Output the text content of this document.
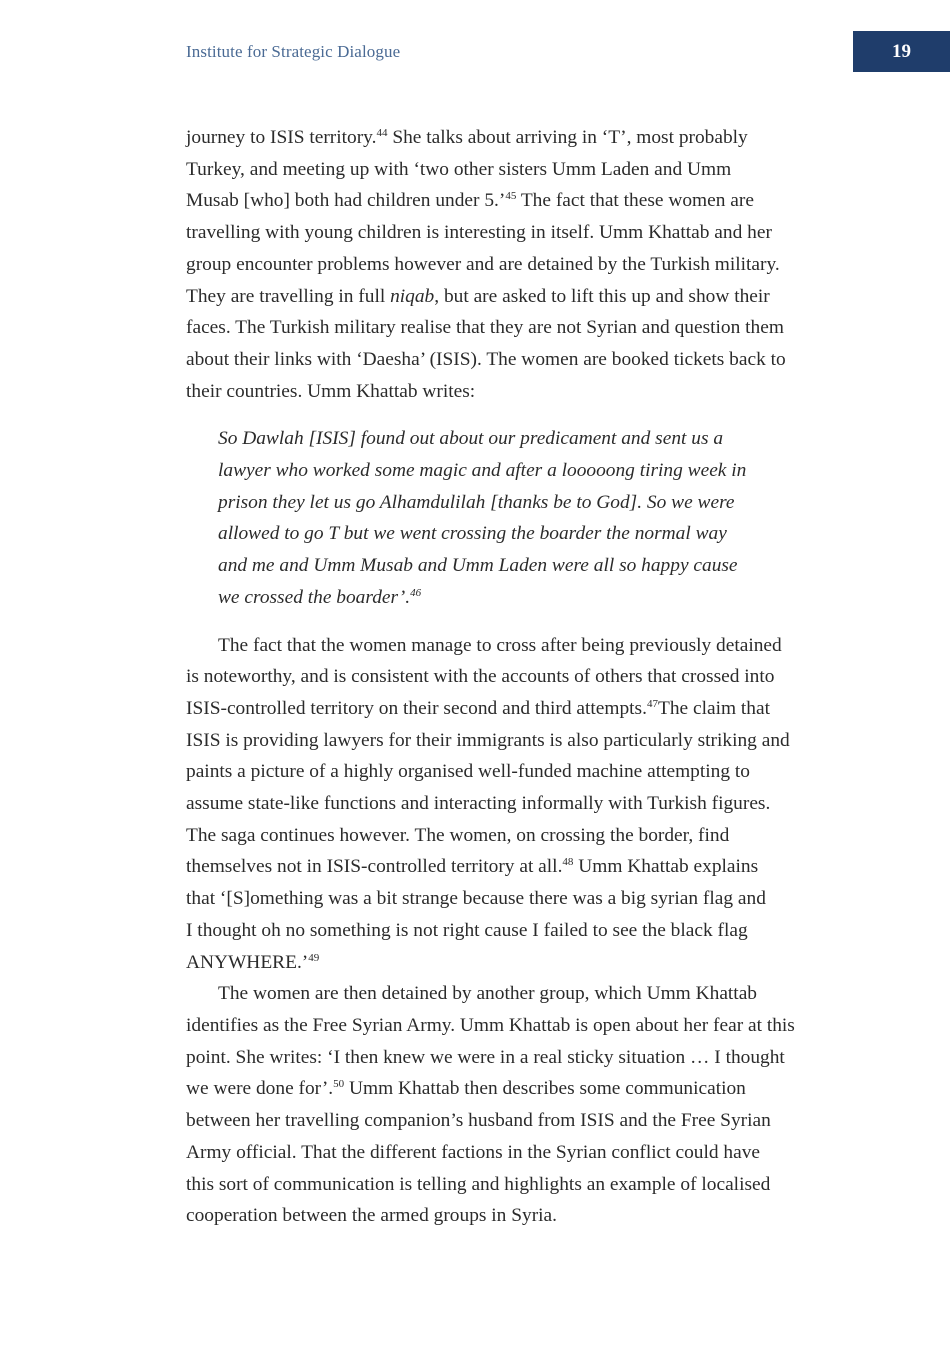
Institute for Strategic Dialogue	19

journey to ISIS territory.$^{44}$ She talks about arriving in ‘T’, most probably
Turkey, and meeting up with ‘two other sisters Umm Laden and Umm
Musab [who] both had children under 5.’$^{45}$ The fact that these women are
travelling with young children is interesting in itself. Umm Khattab and her
group encounter problems however and are detained by the Turkish military.
They are travelling in full niqab, but are asked to lift this up and show their
faces. The Turkish military realise that they are not Syrian and question them
about their links with ‘Daesha’ (ISIS). The women are booked tickets back to
their countries. Umm Khattab writes:

So Dawlah [ISIS] found out about our predicament and sent us a
lawyer who worked some magic and after a looooong tiring week in
prison they let us go Alhamdulilah [thanks be to God]. So we were
allowed to go T but we went crossing the boarder the normal way
and me and Umm Musab and Umm Laden were all so happy cause
we crossed the boarder’.$^{46}$

The fact that the women manage to cross after being previously detained
is noteworthy, and is consistent with the accounts of others that crossed into
ISIS-controlled territory on their second and third attempts.$^{47}$The claim that
ISIS is providing lawyers for their immigrants is also particularly striking and
paints a picture of a highly organised well-funded machine attempting to
assume state-like functions and interacting informally with Turkish figures.
The saga continues however. The women, on crossing the border, find
themselves not in ISIS-controlled territory at all.$^{48}$ Umm Khattab explains
that ‘[S]omething was a bit strange because there was a big syrian flag and
I thought oh no something is not right cause I failed to see the black flag
ANYWHERE.’$^{49}$

The women are then detained by another group, which Umm Khattab
identifies as the Free Syrian Army. Umm Khattab is open about her fear at this
point. She writes: ‘I then knew we were in a real sticky situation … I thought
we were done for’.$^{50}$ Umm Khattab then describes some communication
between her travelling companion’s husband from ISIS and the Free Syrian
Army official. That the different factions in the Syrian conflict could have
this sort of communication is telling and highlights an example of localised
cooperation between the armed groups in Syria.
